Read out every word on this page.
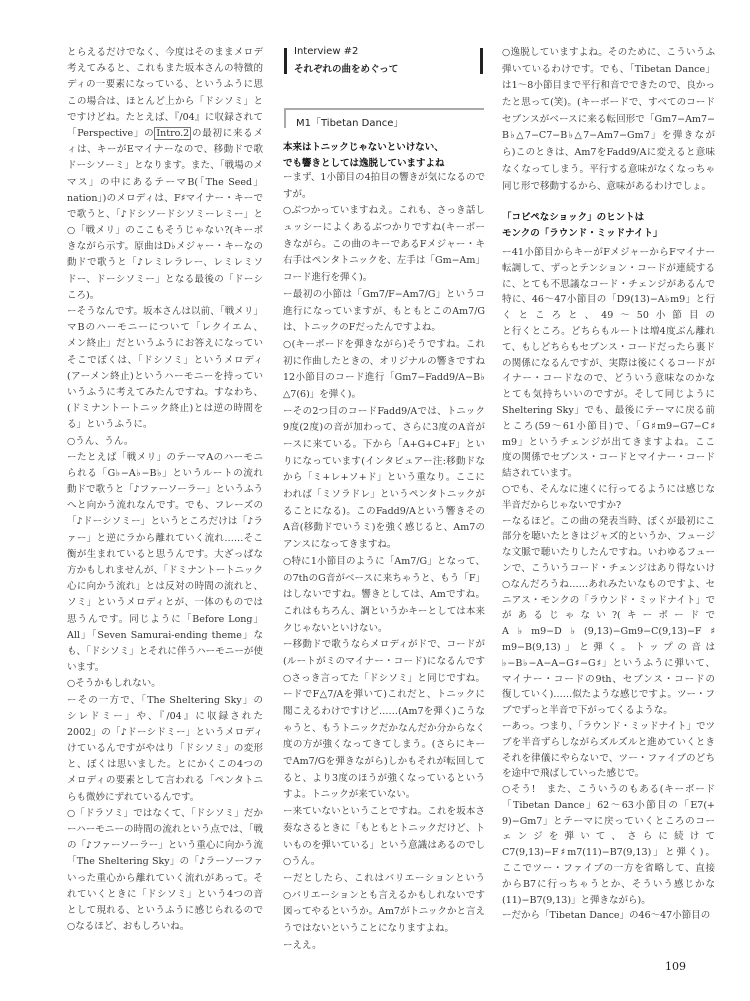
とらえるだけでなく、今度はそのままメロデ
考えてみると、これもまた坂本さんの特徴的
ディの一要素になっている、というふうに思
この場合は、ほとんど上から「ドシソミ」と
ですけどね。たとえば、『/04』に収録されて
「Perspective」の Intro.2 の最初に来るメ
ィは、キーがEマイナーなので、移動ドで歌
ドーシソーミ」となります。また、「戦場のメ
マス」の中にあるテーマB(「The Seed」
nation」)のメロディは、F♯マイナー・キーで
で歌うと、「♪ドシソードシソミーレミー」と
○「戦メリ」のここもそうじゃない?(キーボ
きながら示す。原曲はD♭メジャー・キーなの
動ドで歌うと「♪レミレラレー、レミレミソ
ドー、ドーシソミー」となる最後の「ドーシ
ころ)。
ーそうなんです。坂本さんは以前、「戦メリ」
マBのハーモニーについて「レクイエム、
メン終止」だというふうにお答えになってい
そこでぼくは、「ドシソミ」というメロディ
(アーメン終止)というハーモニーを持ってい
いうふうに考えてみたんですね。すなわち、
(ドミナントートニック終止)とは逆の時間を
る」というふうに。
○うん、うん。
ーたとえば「戦メリ」のテーマAのハーモニ
られる「G♭−A♭−B♭」というルートの流れ
動ドで歌うと「♪ファーソーラー」というふう
へと向かう流れなんです。でも、フレーズの
「♪ドーシソミー」というところだけは「♪ラ
ァー」と逆にラから離れていく流れ……そこ
衡が生まれていると思うんです。大ざっぱな
方かもしれませんが、「ドミナントートニック
心に向かう流れ」とは反対の時間の流れと、
ソミ」というメロディとが、一体のものでは
思うんです。同じように「Before Long」
All」「Seven Samurai-ending theme」な
も、「ドシソミ」とそれに伴うハーモニーが使
います。
○そうかもしれない。
ーその一方で、「The Sheltering Sky」の
シレドミー」や、『/04』に収録された
2002」の「♪ドーシドミー」というメロディ
けているんですがやはり「ドシソミ」の変形
と、ぼくは思いました。とにかくこの4つの
メロディの要素として言われる「ペンタトニ
らも微妙にずれているんです。
○「ドラソミ」ではなくて、「ドシソミ」だか
ーハーモニーの時間の流れという点では、「戦
の「♪ファーソーラー」という重心に向かう流
「The Sheltering Sky」の「♪ラーソーファ
いった重心から離れていく流れがあって。そ
れていくときに「ドシソミ」という4つの音
として現れる、というふうに感じられるので
○なるほど、おもしろいね。
Interview #2
それぞれの曲をめぐって
M1「Tibetan Dance」
本来はトニックじゃないといけない、
でも響きとしては逸脱していますよね
ーまず、1小節目の4拍目の響きが気になるので
すが。
○ぶつかっていますねえ。これも、さっき話し
ュッシーによくあるぶつかりですね(キーボー
きながら。この曲のキーであるFメジャー・キ
右手はペンタトニックを、左手は「Gm−Am」
コード進行を弾く)。
ー最初の小節は「Gm7/F−Am7/G」というコ
進行になっていますが、もともとこのAm7/G
は、トニックのFだったんですよね。
○(キーボードを弾きながら)そうですね。これ
初に作曲したときの、オリジナルの響きですね
12小節目のコード進行「Gm7−Fadd9/A−B♭
△7(6)」を弾く)。
ーその2つ目のコードFadd9/Aでは、トニック
9度(2度)の音が加わって、さらに3度のA音が
ースに来ている。下から「A+G+C+F」とい
りになっています(インタビュアー注:移動ドな
から「ミ+レ+ソ+ド」という重なり。ここに
われば「ミソラドレ」というペンタトニックが
ることになる)。このFadd9/Aという響きその
A音(移動ドでいうミ)を強く感じると、Am7の
アンスになってきますね。
○特に1小節目のように「Am7/G」となって、
の7thのG音がベースに来ちゃうと、もう「F」
はしないですね。響きとしては、Amですね。
これはもちろん、調というかキーとしては本来
クじゃないといけない。
ー移動ドで歌うならメロディがドで、コードが
(ルートがミのマイナー・コード)になるんです
○さっき言ってた「ドシソミ」と同じですね。
ードでF△7/Aを弾いて)これだと、トニックに
聞こえるわけですけど……(Am7を弾く)こうな
ゃうと、もうトニックだかなんだか分からなく
度の方が強くなってきてしまう。(さらにキー
でAm7/Gを弾きながら)しかもそれが転回して
ると、より3度のほうが強くなっているという
すよ。トニックが来ていない。
ー来ていないということですね。これを坂本さ
奏なさるときに「もともとトニックだけど、ト
いものを弾いている」という意識はあるのでし
○うん。
ーだとしたら、これはバリエーションという
○バリエーションとも言えるかもしれないです
図ってやるというか。Am7がトニックかと言え
うではないということになりますよね。
ーええ。
○逸脱していますよね。そのために、こういうふ
弾いているわけです。でも、「Tibetan Dance」
は1〜8小節目まで平行和音でできたので、良かっ
たと思って(笑)。(キーボードで、すべてのコード
セブンスがベースに来る転回形で「Gm7−Am7−
B♭△7−C7−B♭△7−Am7−Gm7」を弾きなが
ら)このときは、Am7をFadd9/Aに変えると意味
なくなってしまう。平行する意味がなくなっちゃ
同じ形で移動するから、意味があるわけでしょ。
「コビペなショック」のヒントは
モンクの「ラウンド・ミッドナイト」
ー41小節目からキーがFメジャーからFマイナー
転調して、ずっとテンション・コードが連続する
に、とても不思議なコード・チェンジがあるんで
特に、46〜47小節目の「D9(13)−A♭m9」と行
くところと、49〜50小節目の
と行くところ。どちらもルートは増4度ぶん離れ
て、もしどちらもセブンス・コードだったら裏ド
の関係になるんですが、実際は後にくるコードが
イナー・コードなので、どういう意味なのかな
とても気持ちいいのですが。そして同じように
Sheltering Sky」でも、最後にテーマに戻る前
ところ(59〜61小節目)で、「G♯m9−G7−C♯
m9」というチェンジが出てきますよね。ここ
度の関係でセブンス・コードとマイナー・コード
結されています。
○でも、そんなに速くに行ってるようには感じな
半音だからじゃないですか?
ーなるほど。この曲の発表当時、ぼくが最初にこ
部分を聴いたときはジャズ的というか、フュージ
な文脈で聴いたりしたんですね。いわゆるフュー
ンで、こういうコード・チェンジはあり得ないけ
○なんだろうね……あれみたいなものですよ、セ
ニアス・モンクの「ラウンド・ミッドナイト」で
があるじゃない?(キーボードで
A♭m9−D♭(9,13)−Gm9−C(9,13)−F♯
m9−B(9,13)」と弾く。トップの音は
♭−B♭−A−A−G♯−G♯」というふうに弾いて、
マイナー・コードの9th、セブンス・コードの
復していく)……似たような感じですよ。ツー・フ
ブでずっと半音で下がってくるような。
ーあっ。つまり、「ラウンド・ミッドナイト」でツ
ブを半音ずらしながらズルズルと進めていくとき
それを律儀にやらないで、ツー・ファイブのどち
を途中で飛ばしていった感じで。
○そう!　また、こういうのもある(キーボード
「Tibetan Dance」62〜63小節目の「E7(+
9)−Gm7」とテーマに戻っていくところのコー
ェンジを弾いて、さらに続けて
C7(9,13)−F♯m7(11)−B7(9,13)」と弾く)。
ここでツー・ファイブの一方を省略して、直接
からB7に行っちゃうとか、そういう感じかな
(11)−B7(9,13)」と弾きながら)。
ーだから「Tibetan Dance」の46〜47小節目の
109
